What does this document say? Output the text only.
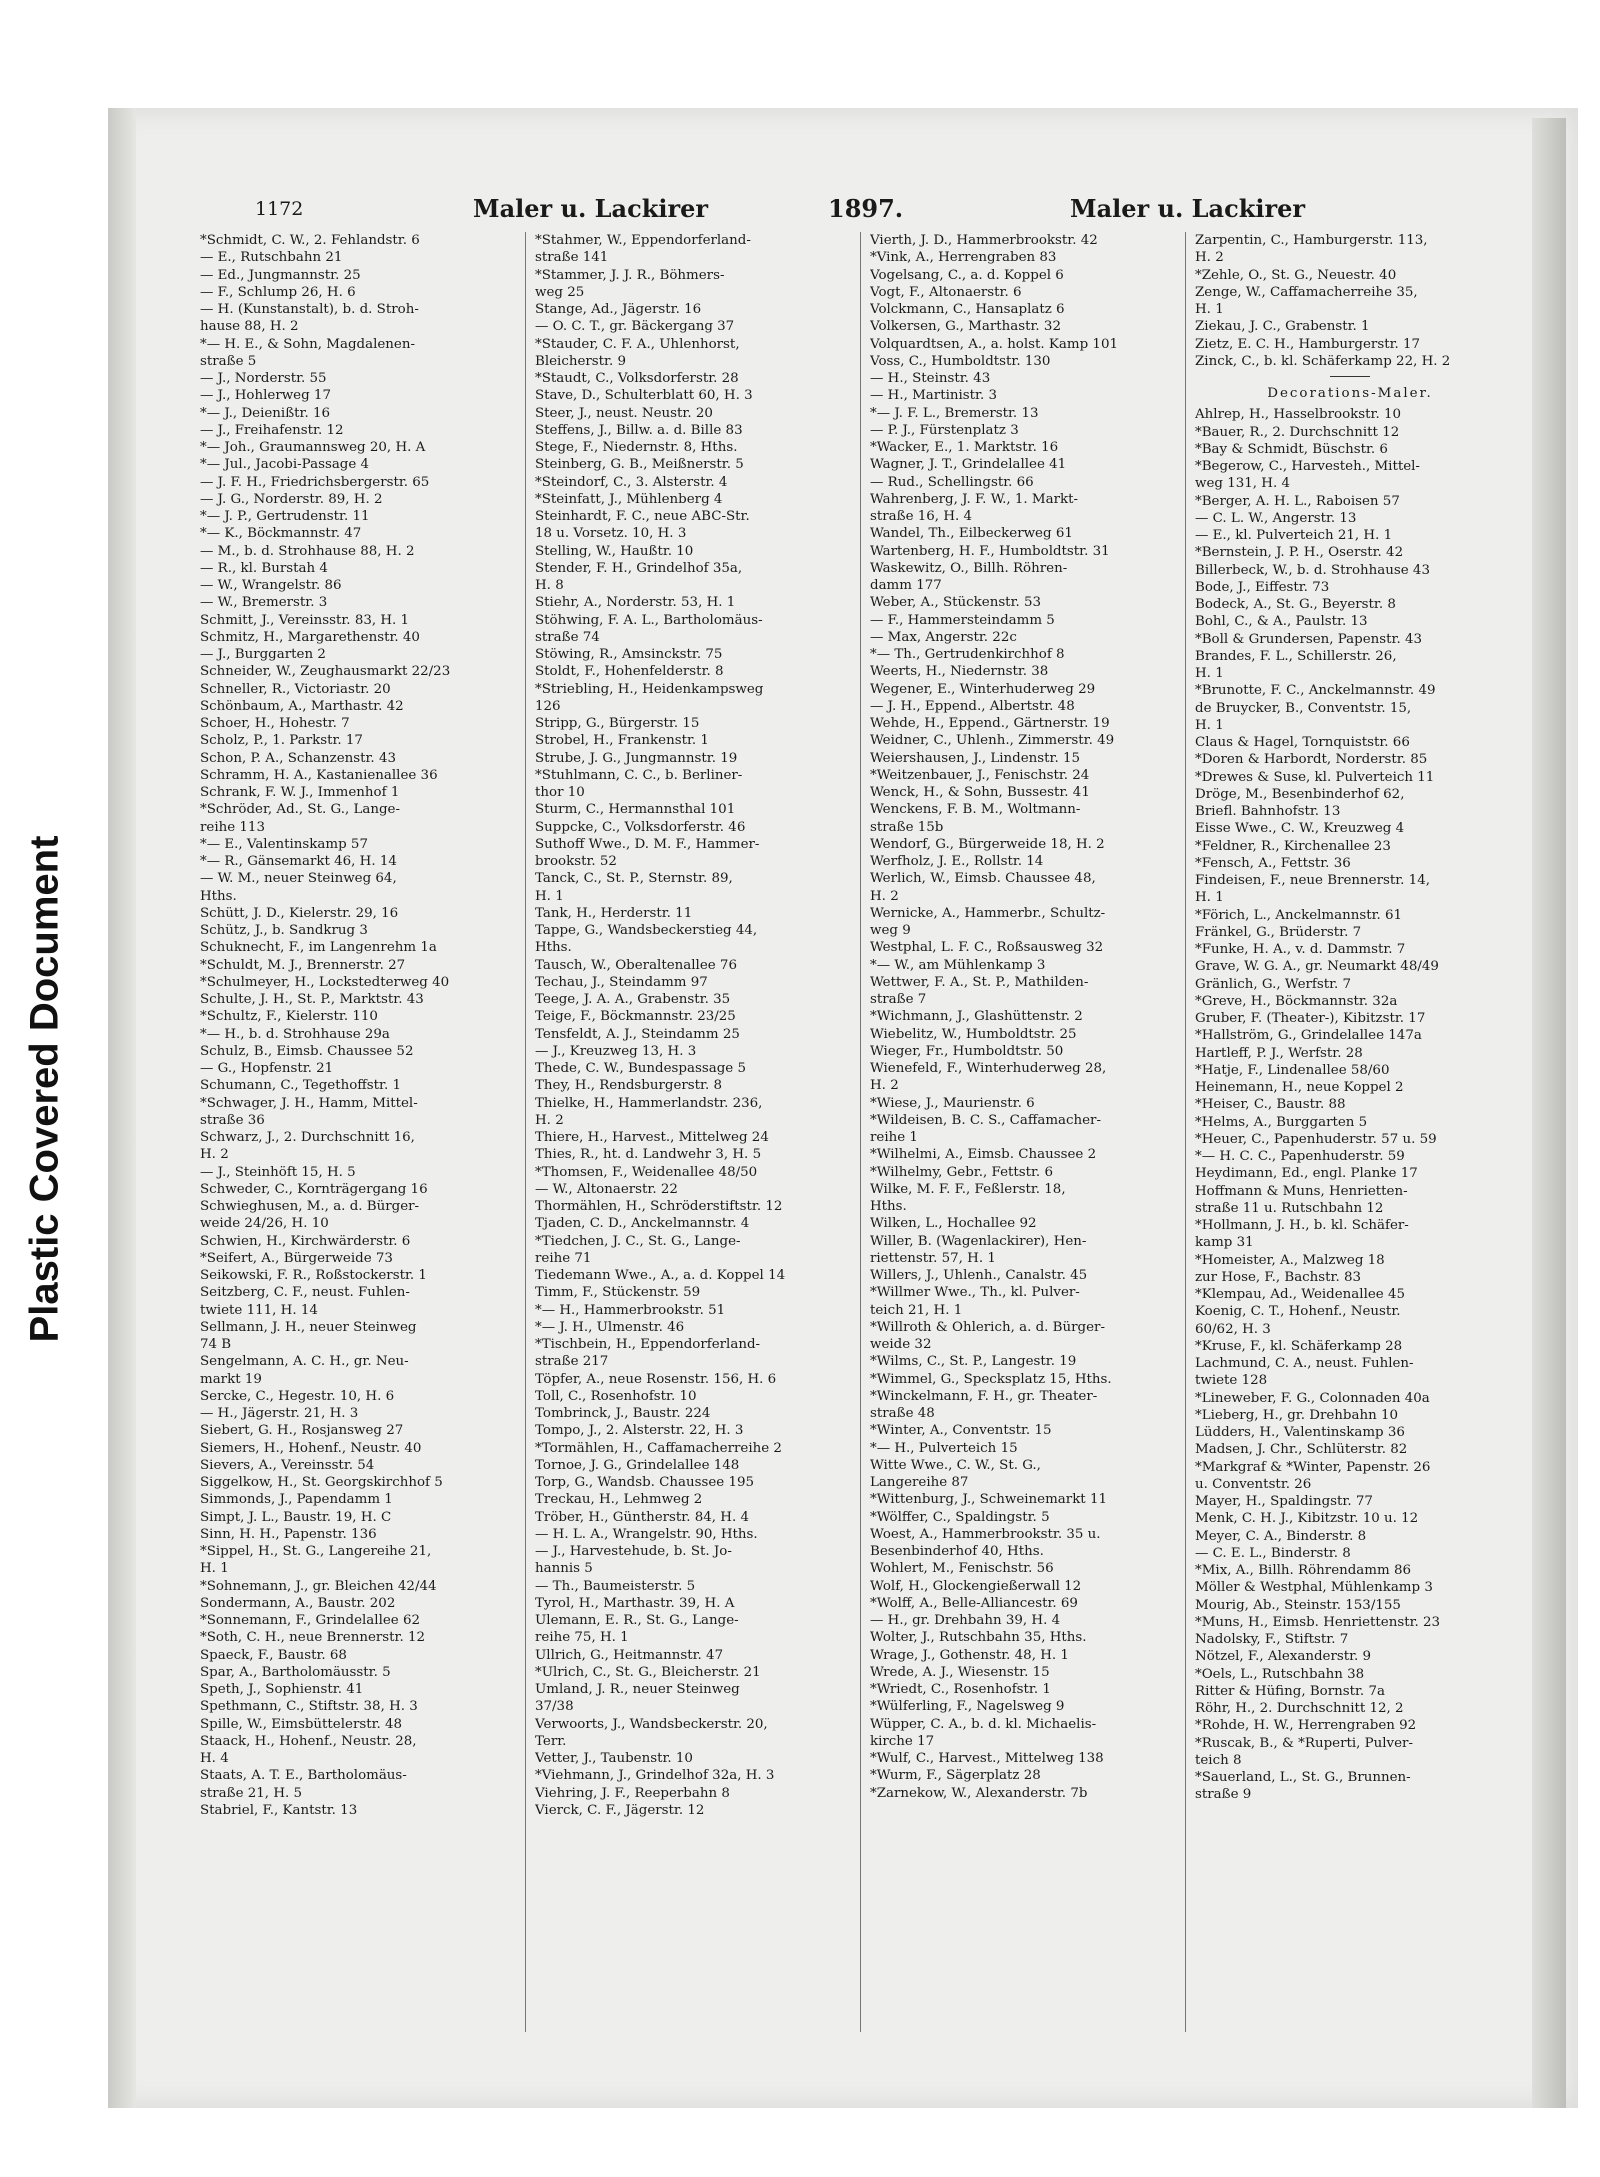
Plastic Covered Document
1172	Maler u. Lackirer	1897.	Maler u. Lackirer
*Schmidt, C. W., 2. Fehlandstr. 6
— E., Rutschbahn 21
— Ed., Jungmannstr. 25
— F., Schlump 26, H. 6
— H. (Kunstanstalt), b. d. Stroh-
hause 88, H. 2
*— H. E., & Sohn, Magdalenen-
straße 5
— J., Norderstr. 55
— J., Hohlerweg 17
*— J., Deienißtr. 16
— J., Freihafenstr. 12
*— Joh., Graumannsweg 20, H. A
*— Jul., Jacobi-Passage 4
— J. F. H., Friedrichsbergerstr. 65
— J. G., Norderstr. 89, H. 2
*— J. P., Gertrudenstr. 11
*— K., Böckmannstr. 47
— M., b. d. Strohhause 88, H. 2
— R., kl. Burstah 4
— W., Wrangelstr. 86
— W., Bremerstr. 3
Schmitt, J., Vereinsstr. 83, H. 1
Schmitz, H., Margarethenstr. 40
— J., Burggarten 2
Schneider, W., Zeughausmarkt 22/23
Schneller, R., Victoriastr. 20
Schönbaum, A., Marthastr. 42
Schoer, H., Hohestr. 7
Scholz, P., 1. Parkstr. 17
Schon, P. A., Schanzenstr. 43
Schramm, H. A., Kastanienallee 36
Schrank, F. W. J., Immenhof 1
*Schröder, Ad., St. G., Lange-
reihe 113
*— E., Valentinskamp 57
*— R., Gänsemarkt 46, H. 14
— W. M., neuer Steinweg 64,
Hths.
Schütt, J. D., Kielerstr. 29, 16
Schütz, J., b. Sandkrug 3
Schuknecht, F., im Langenrehm 1a
*Schuldt, M. J., Brennerstr. 27
*Schulmeyer, H., Lockstedterweg 40
Schulte, J. H., St. P., Marktstr. 43
*Schultz, F., Kielerstr. 110
*— H., b. d. Strohhause 29a
Schulz, B., Eimsb. Chaussee 52
— G., Hopfenstr. 21
Schumann, C., Tegethoffstr. 1
*Schwager, J. H., Hamm, Mittel-
straße 36
Schwarz, J., 2. Durchschnitt 16,
H. 2
— J., Steinhöft 15, H. 5
Schweder, C., Kornträgergang 16
Schwieghusen, M., a. d. Bürger-
weide 24/26, H. 10
Schwien, H., Kirchwärderstr. 6
*Seifert, A., Bürgerweide 73
Seikowski, F. R., Roßstockerstr. 1
Seitzberg, C. F., neust. Fuhlen-
twiete 111, H. 14
Sellmann, J. H., neuer Steinweg
74 B
Sengelmann, A. C. H., gr. Neu-
markt 19
Sercke, C., Hegestr. 10, H. 6
— H., Jägerstr. 21, H. 3
Siebert, G. H., Rosjansweg 27
Siemers, H., Hohenf., Neustr. 40
Sievers, A., Vereinsstr. 54
Siggelkow, H., St. Georgskirchhof 5
Simmonds, J., Papendamm 1
Simpt, J. L., Baustr. 19, H. C
Sinn, H. H., Papenstr. 136
*Sippel, H., St. G., Langereihe 21,
H. 1
*Sohnemann, J., gr. Bleichen 42/44
Sondermann, A., Baustr. 202
*Sonnemann, F., Grindelallee 62
*Soth, C. H., neue Brennerstr. 12
Spaeck, F., Baustr. 68
Spar, A., Bartholomäusstr. 5
Speth, J., Sophienstr. 41
Spethmann, C., Stiftstr. 38, H. 3
Spille, W., Eimsbüttelerstr. 48
Staack, H., Hohenf., Neustr. 28,
H. 4
Staats, A. T. E., Bartholomäus-
straße 21, H. 5
Stabriel, F., Kantstr. 13
*Stahmer, W., Eppendorferland-
straße 141
*Stammer, J. J. R., Böhmers-
weg 25
Stange, Ad., Jägerstr. 16
— O. C. T., gr. Bäckergang 37
*Stauder, C. F. A., Uhlenhorst,
Bleicherstr. 9
*Staudt, C., Volksdorferstr. 28
Stave, D., Schulterblatt 60, H. 3
Steer, J., neust. Neustr. 20
Steffens, J., Billw. a. d. Bille 83
Stege, F., Niedernstr. 8, Hths.
Steinberg, G. B., Meißnerstr. 5
*Steindorf, C., 3. Alsterstr. 4
*Steinfatt, J., Mühlenberg 4
Steinhardt, F. C., neue ABC-Str.
18 u. Vorsetz. 10, H. 3
Stelling, W., Haußtr. 10
Stender, F. H., Grindelhof 35a,
H. 8
Stiehr, A., Norderstr. 53, H. 1
Stöhwing, F. A. L., Bartholomäus-
straße 74
Stöwing, R., Amsinckstr. 75
Stoldt, F., Hohenfelderstr. 8
*Striebling, H., Heidenkampsweg
126
Stripp, G., Bürgerstr. 15
Strobel, H., Frankenstr. 1
Strube, J. G., Jungmannstr. 19
*Stuhlmann, C. C., b. Berliner-
thor 10
Sturm, C., Hermannsthal 101
Suppcke, C., Volksdorferstr. 46
Suthoff Wwe., D. M. F., Hammer-
brookstr. 52
Tanck, C., St. P., Sternstr. 89,
H. 1
Tank, H., Herderstr. 11
Tappe, G., Wandsbeckerstieg 44,
Hths.
Tausch, W., Oberaltenallee 76
Techau, J., Steindamm 97
Teege, J. A. A., Grabenstr. 35
Teige, F., Böckmannstr. 23/25
Tensfeldt, A. J., Steindamm 25
— J., Kreuzweg 13, H. 3
Thede, C. W., Bundespassage 5
They, H., Rendsburgerstr. 8
Thielke, H., Hammerlandstr. 236,
H. 2
Thiere, H., Harvest., Mittelweg 24
Thies, R., ht. d. Landwehr 3, H. 5
*Thomsen, F., Weidenallee 48/50
— W., Altonaerstr. 22
Thormählen, H., Schröderstiftstr. 12
Tjaden, C. D., Anckelmannstr. 4
*Tiedchen, J. C., St. G., Lange-
reihe 71
Tiedemann Wwe., A., a. d. Koppel 14
Timm, F., Stückenstr. 59
*— H., Hammerbrookstr. 51
*— J. H., Ulmenstr. 46
*Tischbein, H., Eppendorferland-
straße 217
Töpfer, A., neue Rosenstr. 156, H. 6
Toll, C., Rosenhofstr. 10
Tombrinck, J., Baustr. 224
Tompo, J., 2. Alsterstr. 22, H. 3
*Tormählen, H., Caffamacherreihe 2
Tornoe, J. G., Grindelallee 148
Torp, G., Wandsb. Chaussee 195
Treckau, H., Lehmweg 2
Tröber, H., Güntherstr. 84, H. 4
— H. L. A., Wrangelstr. 90, Hths.
— J., Harvestehude, b. St. Jo-
hannis 5
— Th., Baumeisterstr. 5
Tyrol, H., Marthastr. 39, H. A
Ulemann, E. R., St. G., Lange-
reihe 75, H. 1
Ullrich, G., Heitmannstr. 47
*Ulrich, C., St. G., Bleicherstr. 21
Umland, J. R., neuer Steinweg
37/38
Verwoorts, J., Wandsbeckerstr. 20,
Terr.
Vetter, J., Taubenstr. 10
*Viehmann, J., Grindelhof 32a, H. 3
Viehring, J. F., Reeperbahn 8
Vierck, C. F., Jägerstr. 12
Vierth, J. D., Hammerbrookstr. 42
*Vink, A., Herrengraben 83
Vogelsang, C., a. d. Koppel 6
Vogt, F., Altonaerstr. 6
Volckmann, C., Hansaplatz 6
Volkersen, G., Marthastr. 32
Volquardtsen, A., a. holst. Kamp 101
Voss, C., Humboldtstr. 130
— H., Steinstr. 43
— H., Martinistr. 3
*— J. F. L., Bremerstr. 13
— P. J., Fürstenplatz 3
*Wacker, E., 1. Marktstr. 16
Wagner, J. T., Grindelallee 41
— Rud., Schellingstr. 66
Wahrenberg, J. F. W., 1. Markt-
straße 16, H. 4
Wandel, Th., Eilbeckerweg 61
Wartenberg, H. F., Humboldtstr. 31
Waskewitz, O., Billh. Röhren-
damm 177
Weber, A., Stückenstr. 53
— F., Hammersteindamm 5
— Max, Angerstr. 22c
*— Th., Gertrudenkirchhof 8
Weerts, H., Niedernstr. 38
Wegener, E., Winterhuderweg 29
— J. H., Eppend., Albertstr. 48
Wehde, H., Eppend., Gärtnerstr. 19
Weidner, C., Uhlenh., Zimmerstr. 49
Weiershausen, J., Lindenstr. 15
*Weitzenbauer, J., Fenischstr. 24
Wenck, H., & Sohn, Bussestr. 41
Wenckens, F. B. M., Woltmann-
straße 15b
Wendorf, G., Bürgerweide 18, H. 2
Werfholz, J. E., Rollstr. 14
Werlich, W., Eimsb. Chaussee 48,
H. 2
Wernicke, A., Hammerbr., Schultz-
weg 9
Westphal, L. F. C., Roßsausweg 32
*— W., am Mühlenkamp 3
Wettwer, F. A., St. P., Mathilden-
straße 7
*Wichmann, J., Glashüttenstr. 2
Wiebelitz, W., Humboldtstr. 25
Wieger, Fr., Humboldtstr. 50
Wienefeld, F., Winterhuderweg 28,
H. 2
*Wiese, J., Maurienstr. 6
*Wildeisen, B. C. S., Caffamacher-
reihe 1
*Wilhelmi, A., Eimsb. Chaussee 2
*Wilhelmy, Gebr., Fettstr. 6
Wilke, M. F. F., Feßlerstr. 18,
Hths.
Wilken, L., Hochallee 92
Willer, B. (Wagenlackirer), Hen-
riettenstr. 57, H. 1
Willers, J., Uhlenh., Canalstr. 45
*Willmer Wwe., Th., kl. Pulver-
teich 21, H. 1
*Willroth & Ohlerich, a. d. Bürger-
weide 32
*Wilms, C., St. P., Langestr. 19
*Wimmel, G., Specksplatz 15, Hths.
*Winckelmann, F. H., gr. Theater-
straße 48
*Winter, A., Conventstr. 15
*— H., Pulverteich 15
Witte Wwe., C. W., St. G.,
Langereihe 87
*Wittenburg, J., Schweinemarkt 11
*Wölffer, C., Spaldingstr. 5
Woest, A., Hammerbrookstr. 35 u.
Besenbinderhof 40, Hths.
Wohlert, M., Fenischstr. 56
Wolf, H., Glockengießerwall 12
*Wolff, A., Belle-Alliancestr. 69
— H., gr. Drehbahn 39, H. 4
Wolter, J., Rutschbahn 35, Hths.
Wrage, J., Gothenstr. 48, H. 1
Wrede, A. J., Wiesenstr. 15
*Wriedt, C., Rosenhofstr. 1
*Wülferling, F., Nagelsweg 9
Wüpper, C. A., b. d. kl. Michaelis-
kirche 17
*Wulf, C., Harvest., Mittelweg 138
*Wurm, F., Sägerplatz 28
*Zarnekow, W., Alexanderstr. 7b
Zarpentin, C., Hamburgerstr. 113,
H. 2
*Zehle, O., St. G., Neuestr. 40
Zenge, W., Caffamacherreihe 35,
H. 1
Ziekau, J. C., Grabenstr. 1
Zietz, E. C. H., Hamburgerstr. 17
Zinck, C., b. kl. Schäferkamp 22, H. 2
Decorations-Maler.
Ahlrep, H., Hasselbrookstr. 10
*Bauer, R., 2. Durchschnitt 12
*Bay & Schmidt, Büschstr. 6
*Begerow, C., Harvesteh., Mittel-
weg 131, H. 4
*Berger, A. H. L., Raboisen 57
— C. L. W., Angerstr. 13
— E., kl. Pulverteich 21, H. 1
*Bernstein, J. P. H., Oserstr. 42
Billerbeck, W., b. d. Strohhause 43
Bode, J., Eiffestr. 73
Bodeck, A., St. G., Beyerstr. 8
Bohl, C., & A., Paulstr. 13
*Boll & Grundersen, Papenstr. 43
Brandes, F. L., Schillerstr. 26,
H. 1
*Brunotte, F. C., Anckelmannstr. 49
de Bruycker, B., Conventstr. 15,
H. 1
Claus & Hagel, Tornquiststr. 66
*Doren & Harbordt, Norderstr. 85
*Drewes & Suse, kl. Pulverteich 11
Dröge, M., Besenbinderhof 62,
Briefl. Bahnhofstr. 13
Eisse Wwe., C. W., Kreuzweg 4
*Feldner, R., Kirchenallee 23
*Fensch, A., Fettstr. 36
Findeisen, F., neue Brennerstr. 14,
H. 1
*Förich, L., Anckelmannstr. 61
Fränkel, G., Brüderstr. 7
*Funke, H. A., v. d. Dammstr. 7
Grave, W. G. A., gr. Neumarkt 48/49
Gränlich, G., Werfstr. 7
*Greve, H., Böckmannstr. 32a
Gruber, F. (Theater-), Kibitzstr. 17
*Hallström, G., Grindelallee 147a
Hartleff, P. J., Werfstr. 28
*Hatje, F., Lindenallee 58/60
Heinemann, H., neue Koppel 2
*Heiser, C., Baustr. 88
*Helms, A., Burggarten 5
*Heuer, C., Papenhuderstr. 57 u. 59
*— H. C. C., Papenhuderstr. 59
Heydimann, Ed., engl. Planke 17
Hoffmann & Muns, Henrietten-
straße 11 u. Rutschbahn 12
*Hollmann, J. H., b. kl. Schäfer-
kamp 31
*Homeister, A., Malzweg 18
zur Hose, F., Bachstr. 83
*Klempau, Ad., Weidenallee 45
Koenig, C. T., Hohenf., Neustr.
60/62, H. 3
*Kruse, F., kl. Schäferkamp 28
Lachmund, C. A., neust. Fuhlen-
twiete 128
*Lineweber, F. G., Colonnaden 40a
*Lieberg, H., gr. Drehbahn 10
Lüdders, H., Valentinskamp 36
Madsen, J. Chr., Schlüterstr. 82
*Markgraf & *Winter, Papenstr. 26
u. Conventstr. 26
Mayer, H., Spaldingstr. 77
Menk, C. H. J., Kibitzstr. 10 u. 12
Meyer, C. A., Binderstr. 8
— C. E. L., Binderstr. 8
*Mix, A., Billh. Röhrendamm 86
Möller & Westphal, Mühlenkamp 3
Mourig, Ab., Steinstr. 153/155
*Muns, H., Eimsb. Henriettenstr. 23
Nadolsky, F., Stiftstr. 7
Nötzel, F., Alexanderstr. 9
*Oels, L., Rutschbahn 38
Ritter & Hüfing, Bornstr. 7a
Röhr, H., 2. Durchschnitt 12, 2
*Rohde, H. W., Herrengraben 92
*Ruscak, B., & *Ruperti, Pulver-
teich 8
*Sauerland, L., St. G., Brunnen-
straße 9
